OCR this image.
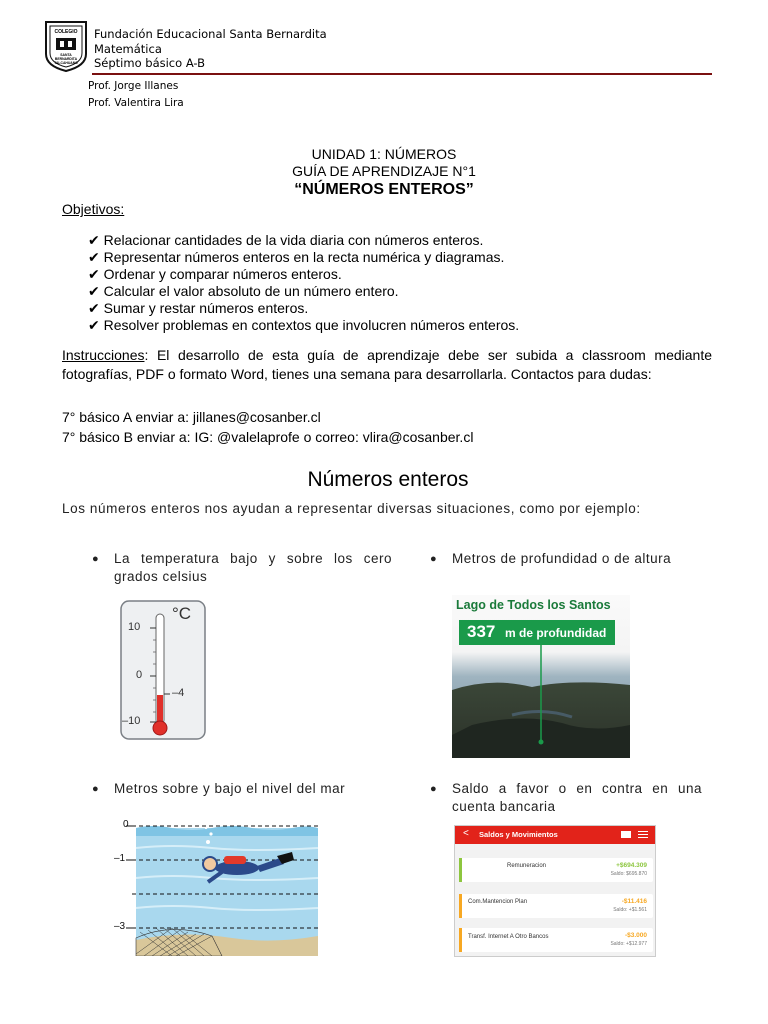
COLEGIO
SANTA BERNARDITA TALCAHUANO
Fundación Educacional Santa Bernardita
Matemática
Séptimo básico A-B
Prof. Jorge Illanes
Prof. Valentira Lira
UNIDAD 1: NÚMEROS
GUÍA DE APRENDIZAJE N°1
“NÚMEROS ENTEROS”
Objetivos:
✔ Relacionar cantidades de la vida diaria con números enteros.
✔ Representar números enteros en la recta numérica y diagramas.
✔ Ordenar y comparar números enteros.
✔ Calcular el valor absoluto de un número entero.
✔ Sumar y restar números enteros.
✔ Resolver problemas en contextos que involucren números enteros.
Instrucciones: El desarrollo de esta guía de aprendizaje debe ser subida a classroom mediante fotografías, PDF o formato Word, tienes una semana para desarrollarla. Contactos para dudas:
7° básico A enviar a: jillanes@cosanber.cl
7° básico B enviar a: IG: @valelaprofe o correo: vlira@cosanber.cl
Números enteros
Los números enteros nos ayudan a representar diversas situaciones, como por ejemplo:
● La temperatura bajo y sobre los cero grados celsius
● Metros de profundidad o de altura
● Metros sobre y bajo el nivel del mar	● Saldo a favor o en contra en una cuenta bancaria
°C
10
0
–10
–4
Lago de Todos los Santos
337 m de profundidad
0
–1
–3
< Saldos y Movimientos
Remuneracion	+$694.309
Saldo: $695.870
Com.Mantencion Plan	-$11.416
Saldo: +$1.561
Transf. Internet A Otro Bancos	-$3.000
Saldo: +$12.977
